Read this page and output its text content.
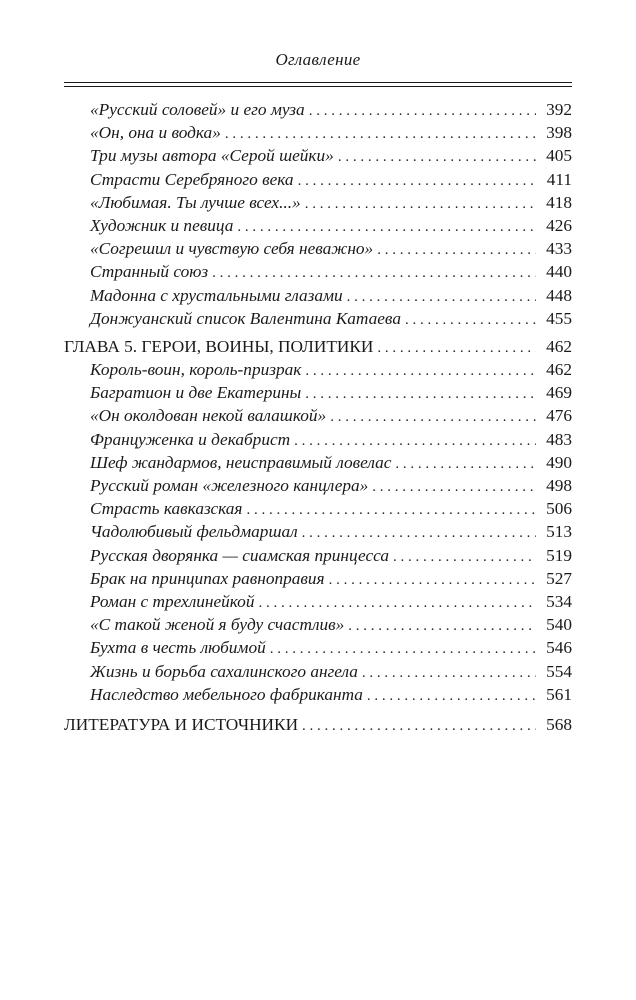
Оглавление
«Русский соловей» и его муза . . .	392
«Он, она и водка» . . .	398
Три музы автора «Серой шейки» . . .	405
Страсти Серебряного века . . .	411
«Любимая. Ты лучше всех...» . . .	418
Художник и певица . . .	426
«Согрешил и чувствую себя неважно» . . .	433
Странный союз . . .	440
Мадонна с хрустальными глазами . . .	448
Донжуанский список Валентина Катаева . . .	455
ГЛАВА 5. ГЕРОИ, ВОИНЫ, ПОЛИТИКИ . . .	462
Король-воин, король-призрак . . .	462
Багратион и две Екатерины . . .	469
«Он околдован некой валашкой» . . .	476
Француженка и декабрист . . .	483
Шеф жандармов, неисправимый ловелас . . .	490
Русский роман «железного канцлера» . . .	498
Страсть кавказская . . .	506
Чадолюбивый фельдмаршал . . .	513
Русская дворянка — сиамская принцесса . . .	519
Брак на принципах равноправия . . .	527
Роман с трехлинейкой . . .	534
«С такой женой я буду счастлив» . . .	540
Бухта в честь любимой . . .	546
Жизнь и борьба сахалинского ангела . . .	554
Наследство мебельного фабриканта . . .	561
ЛИТЕРАТУРА И ИСТОЧНИКИ . . .	568
